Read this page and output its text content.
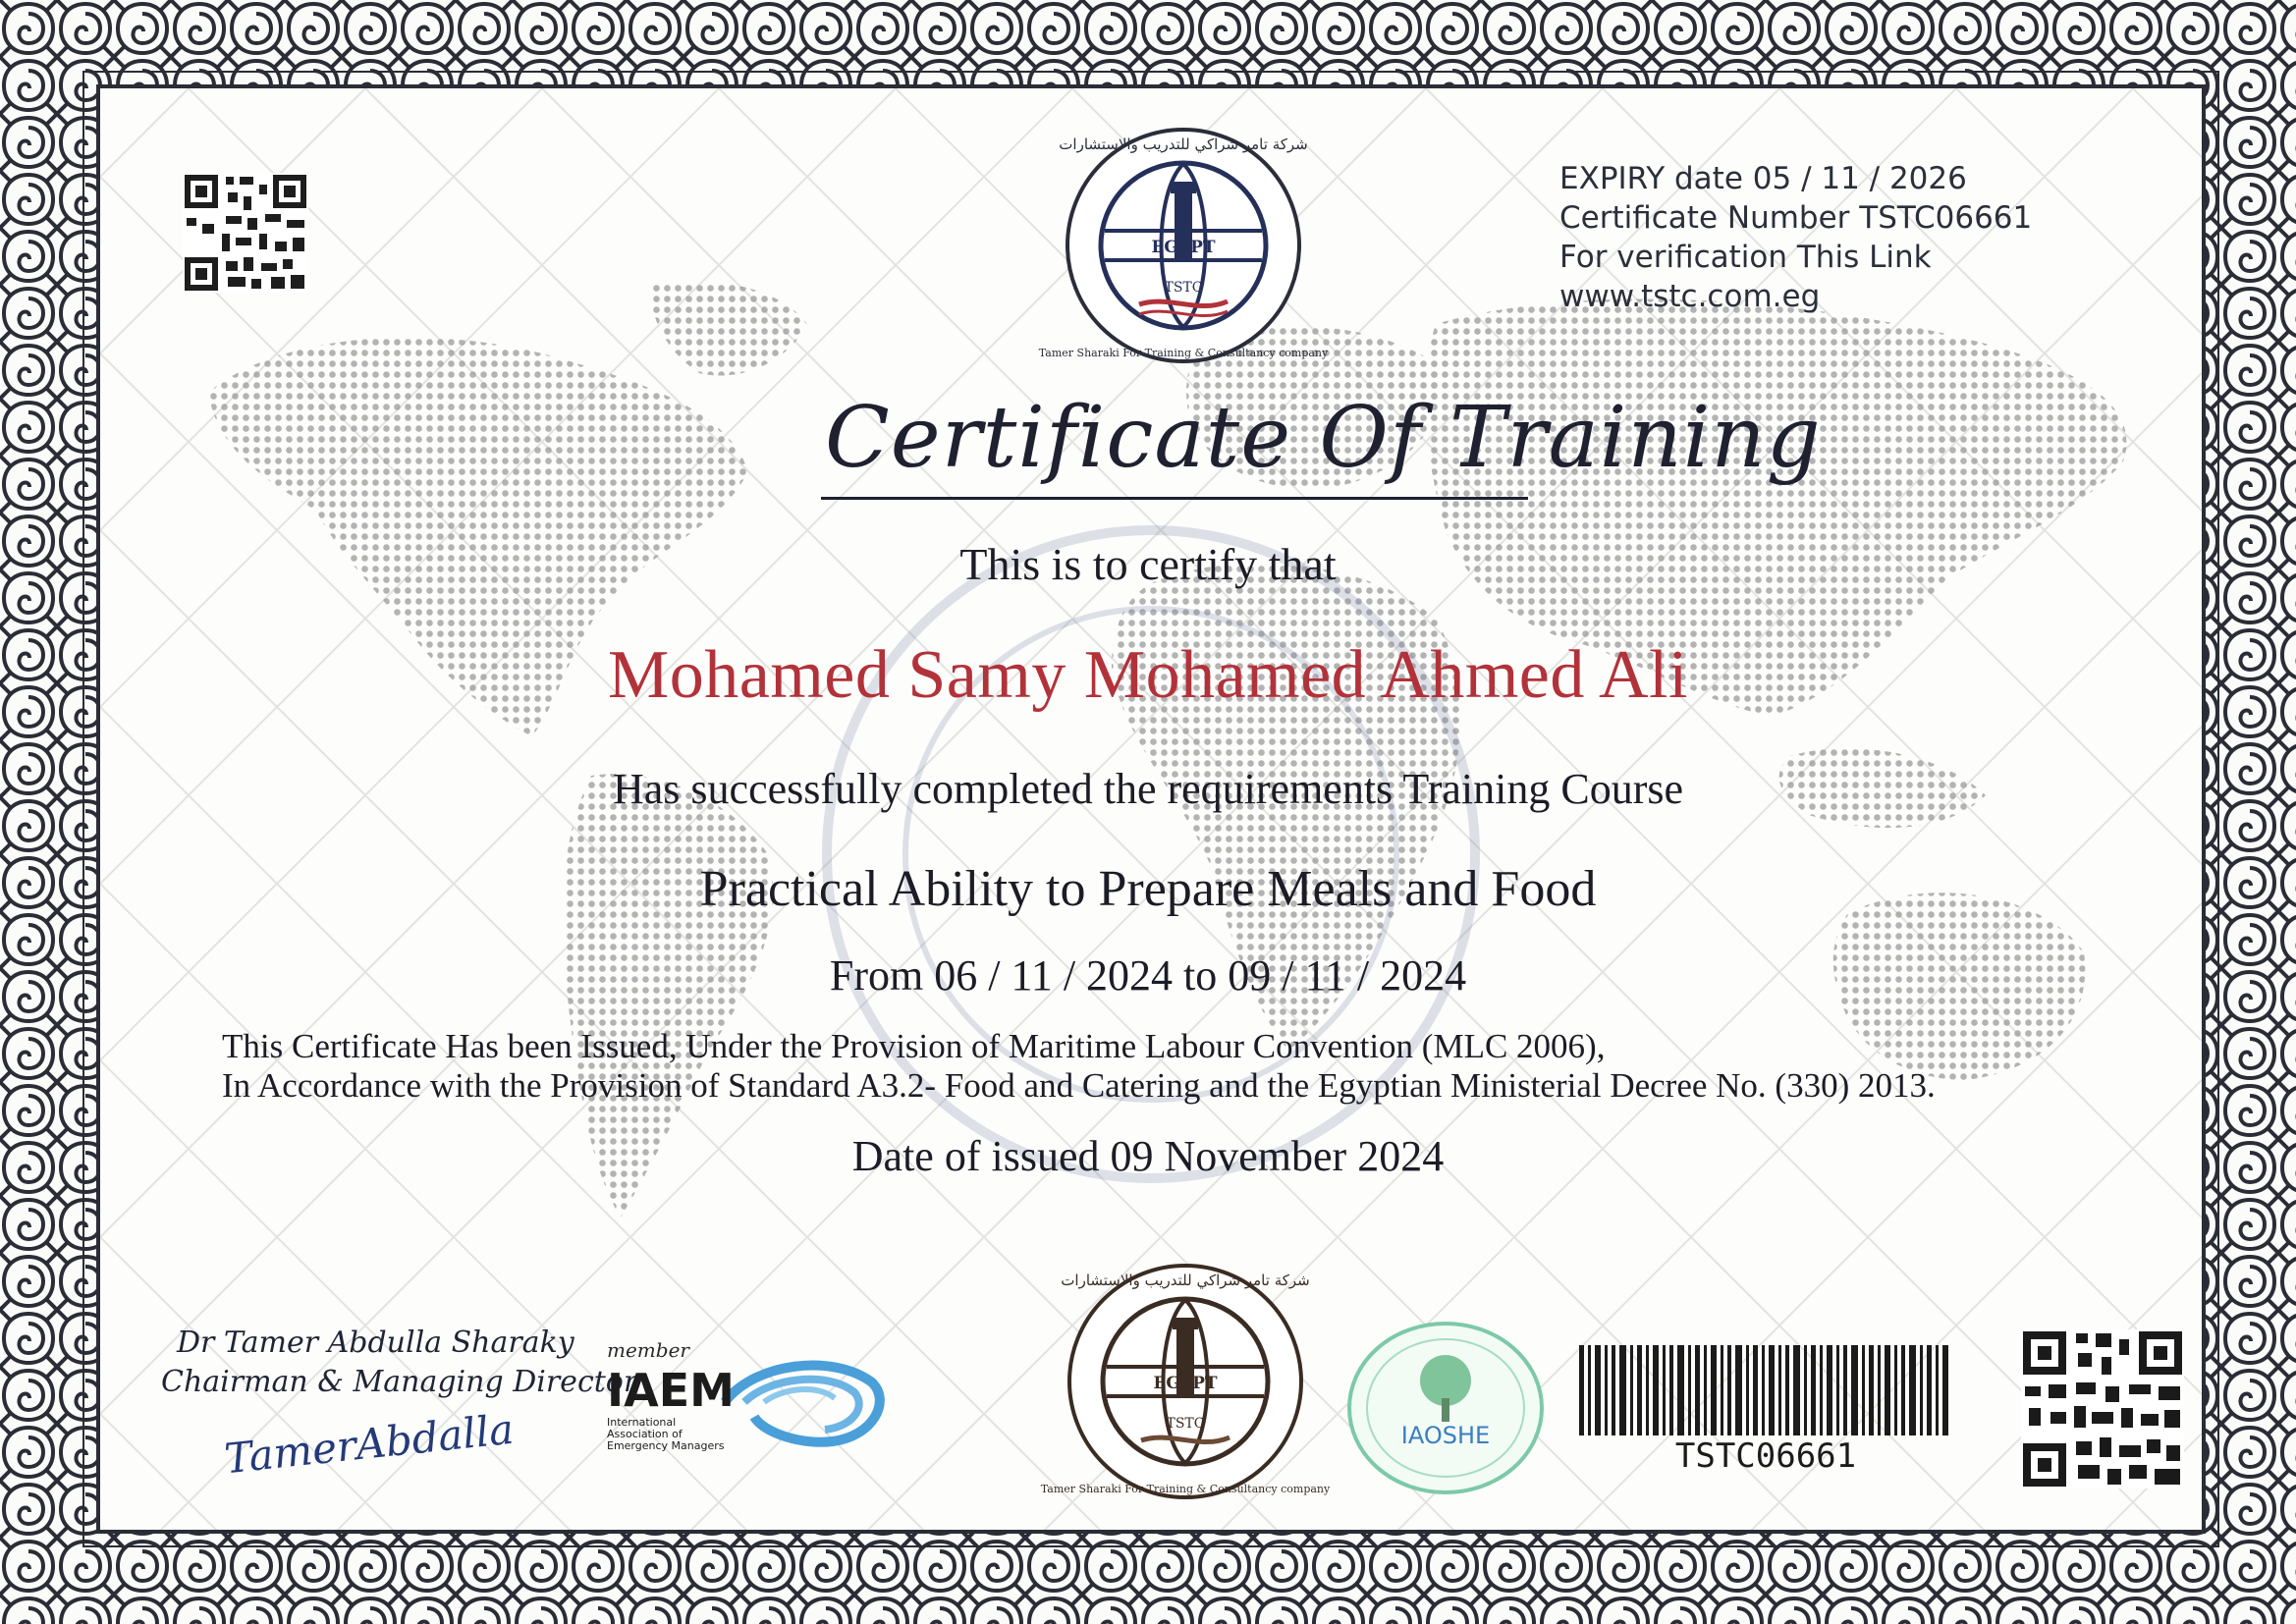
EGYPT
TSTC
شركة تامر شراكي للتدريب والاستشارات
Tamer Sharaki For Training & Consultancy company
EXPIRY date 05 / 11 / 2026
Certificate Number TSTC06661
For verification This Link
www.tstc.com.eg
Certificate Of Training
This is to certify that
Mohamed Samy Mohamed Ahmed Ali
Has successfully completed the requirements Training Course
Practical Ability to Prepare Meals and Food
From 06 / 11 / 2024 to 09 / 11 / 2024
This Certificate Has been Issued, Under the Provision of Maritime Labour Convention (MLC 2006),
In Accordance with the Provision of Standard A3.2- Food and Catering and the Egyptian Ministerial Decree No. (330) 2013.
Date of issued 09 November 2024
Dr Tamer Abdulla Sharaky
Chairman & Managing Director
TamerAbdalla
member
IAEM
International
Association of
Emergency Managers
EGYPT
TSTC
شركة تامر شراكي للتدريب والاستشارات
Tamer Sharaki For Training & Consultancy company
IAOSHE
TSTC06661
